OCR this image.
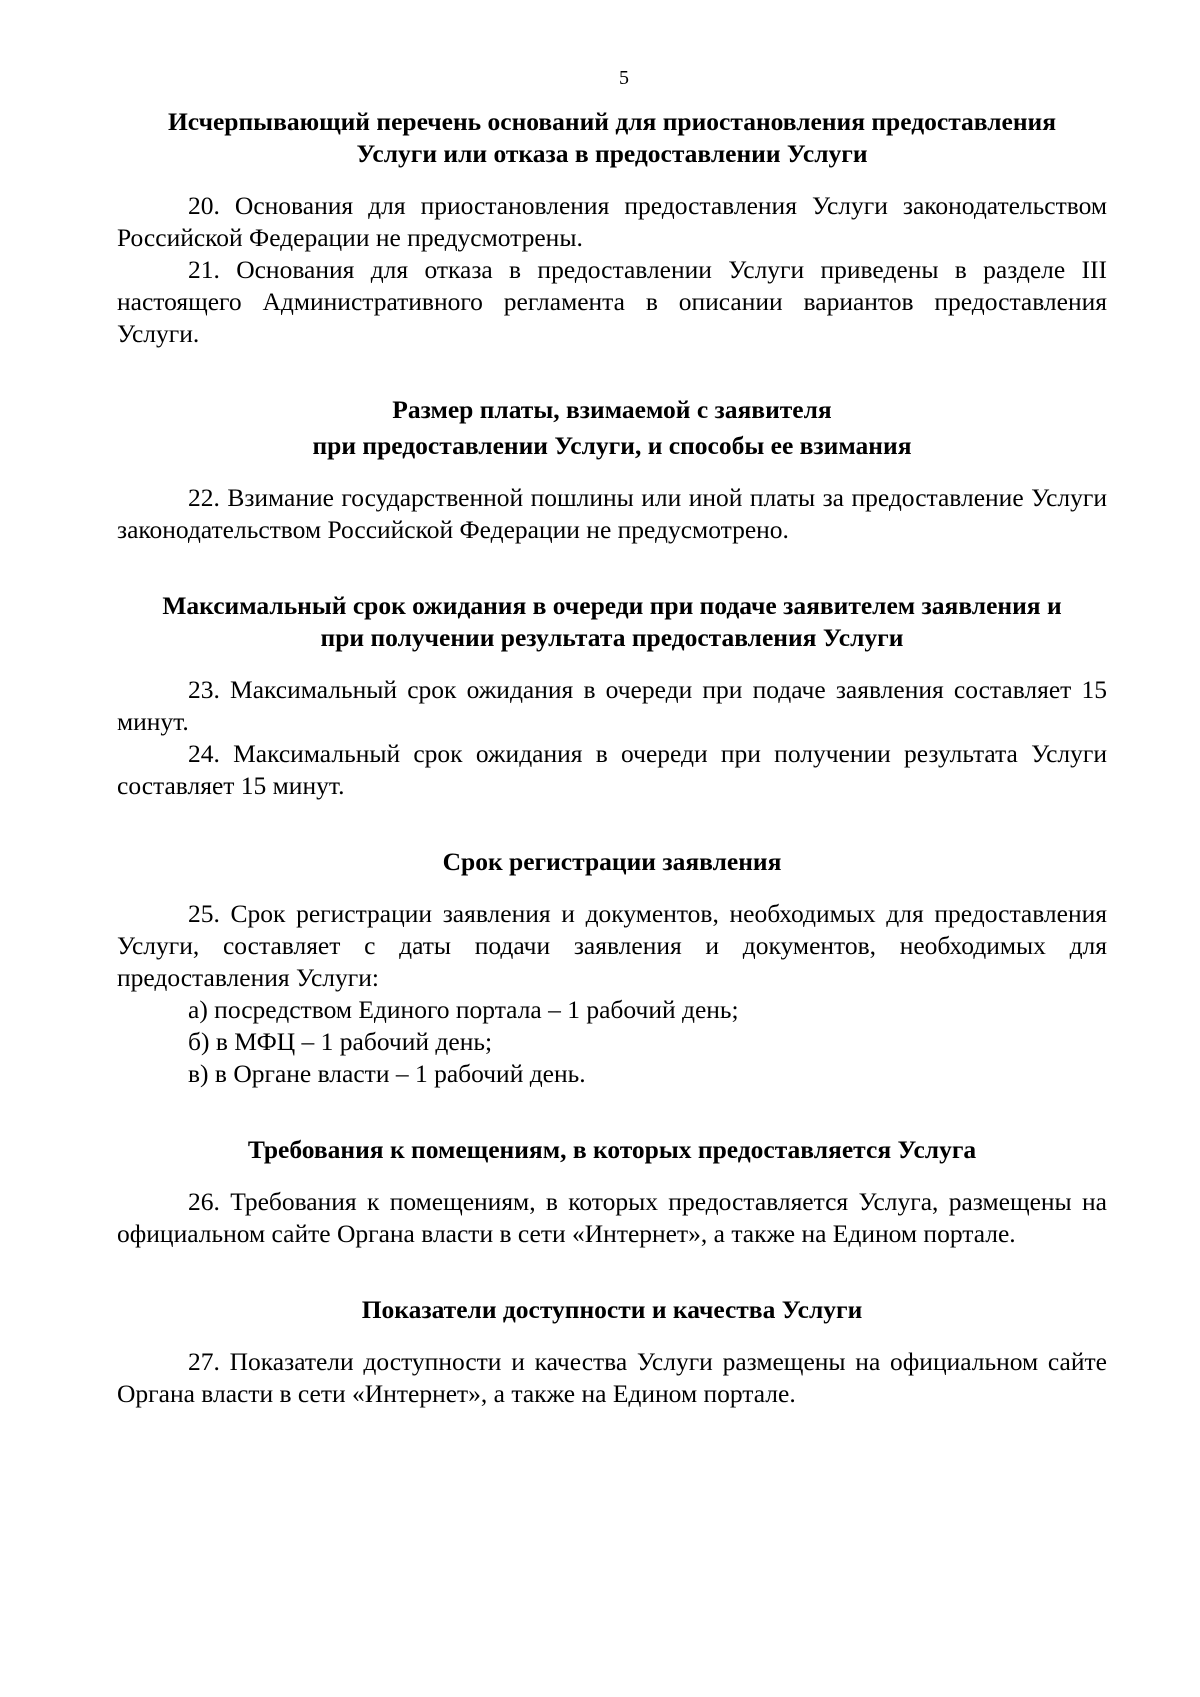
5

Исчерпывающий перечень оснований для приостановления предоставления

Услуги или отказа в предоставлении Услуги

20. Основания для приостановления предоставления Услуги законодательством Российской Федерации не предусмотрены.

21. Основания для отказа в предоставлении Услуги приведены в разделе III настоящего Административного регламента в описании вариантов предоставления Услуги.

Размер платы, взимаемой с заявителя

при предоставлении Услуги, и способы ее взимания

22. Взимание государственной пошлины или иной платы за предоставление Услуги законодательством Российской Федерации не предусмотрено.

Максимальный срок ожидания в очереди при подаче заявителем заявления и

при получении результата предоставления Услуги

23. Максимальный срок ожидания в очереди при подаче заявления составляет 15 минут.

24. Максимальный срок ожидания в очереди при получении результата Услуги составляет 15 минут.

Срок регистрации заявления

25. Срок регистрации заявления и документов, необходимых для предоставления Услуги, составляет с даты подачи заявления и документов, необходимых для предоставления Услуги:

а) посредством Единого портала – 1 рабочий день;

б) в МФЦ – 1 рабочий день;

в) в Органе власти – 1 рабочий день.

Требования к помещениям, в которых предоставляется Услуга

26. Требования к помещениям, в которых предоставляется Услуга, размещены на официальном сайте Органа власти в сети «Интернет», а также на Едином портале.

Показатели доступности и качества Услуги

27. Показатели доступности и качества Услуги размещены на официальном сайте Органа власти в сети «Интернет», а также на Едином портале.
